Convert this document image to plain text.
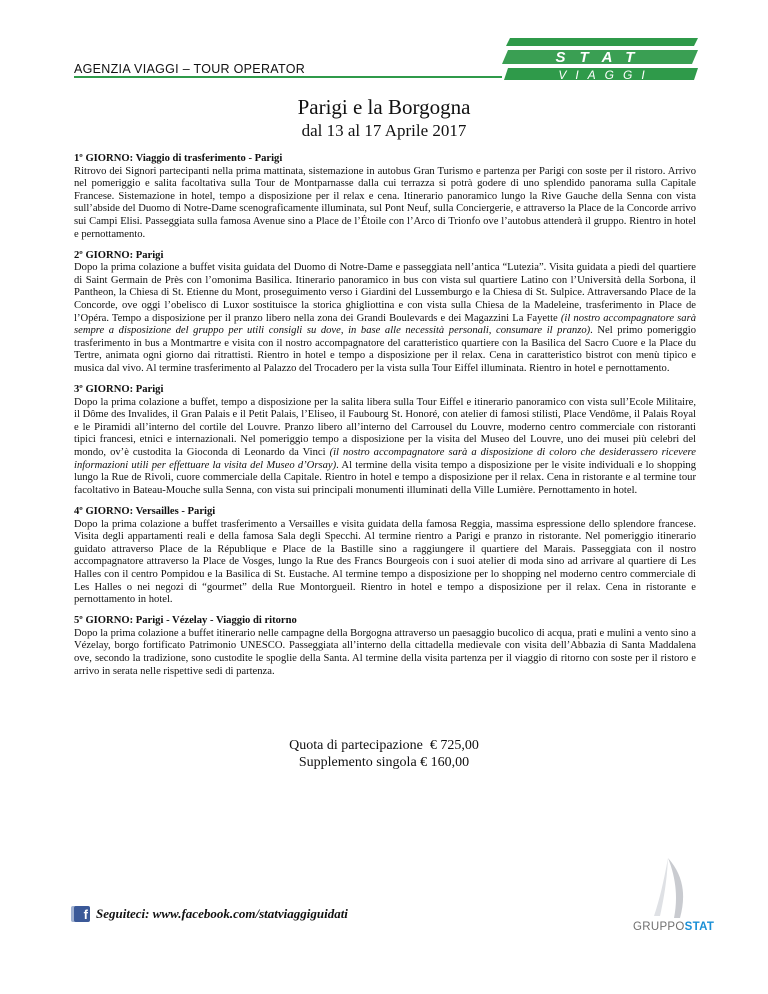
AGENZIA VIAGGI – TOUR OPERATOR
STAT
VIAGGI
Parigi e la Borgogna
dal 13 al 17 Aprile 2017

1º GIORNO: Viaggio di trasferimento - Parigi
Ritrovo dei Signori partecipanti nella prima mattinata, sistemazione in autobus Gran Turismo e partenza per Parigi con soste per il ristoro. Arrivo nel pomeriggio e salita facoltativa sulla Tour de Montparnasse dalla cui terrazza si potrà godere di uno splendido panorama sulla Capitale Francese. Sistemazione in hotel, tempo a disposizione per il relax e cena. Itinerario panoramico lungo la Rive Gauche della Senna con vista sull’abside del Duomo di Notre-Dame scenograficamente illuminata, sul Pont Neuf, sulla Conciergerie, e attraverso la Place de la Concorde arrivo sui Campi Elisi. Passeggiata sulla famosa Avenue sino a Place de l’Étoile con l’Arco di Trionfo ove l’autobus attenderà il gruppo. Rientro in hotel e pernottamento.

2º GIORNO: Parigi
Dopo la prima colazione a buffet visita guidata del Duomo di Notre-Dame e passeggiata nell’antica “Lutezia”. Visita guidata a piedi del quartiere di Saint Germain de Près con l’omonima Basilica. Itinerario panoramico in bus con vista sul quartiere Latino con l’Università della Sorbona, il Pantheon, la Chiesa di St. Etienne du Mont, proseguimento verso i Giardini del Lussemburgo e la Chiesa di St. Sulpice. Attraversando Place de la Concorde, ove oggi l’obelisco di Luxor sostituisce la storica ghigliottina e con vista sulla Chiesa de la Madeleine, trasferimento in Place de l’Opéra. Tempo a disposizione per il pranzo libero nella zona dei Grandi Boulevards e dei Magazzini La Fayette (il nostro accompagnatore sarà sempre a disposizione del gruppo per utili consigli su dove, in base alle necessità personali, consumare il pranzo). Nel primo pomeriggio trasferimento in bus a Montmartre e visita con il nostro accompagnatore del caratteristico quartiere con la Basilica del Sacro Cuore e la Place du Tertre, animata ogni giorno dai ritrattisti. Rientro in hotel e tempo a disposizione per il relax. Cena in caratteristico bistrot con menù tipico e musica dal vivo. Al termine trasferimento al Palazzo del Trocadero per la vista sulla Tour Eiffel illuminata. Rientro in hotel e pernottamento.

3º GIORNO: Parigi
Dopo la prima colazione a buffet, tempo a disposizione per la salita libera sulla Tour Eiffel e itinerario panoramico con vista sull’Ecole Militaire, il Dôme des Invalides, il Gran Palais e il Petit Palais, l’Eliseo, il Faubourg St. Honoré, con atelier di famosi stilisti, Place Vendôme, il Palais Royal e le Piramidi all’interno del cortile del Louvre. Pranzo libero all’interno del Carrousel du Louvre, moderno centro commerciale con ristoranti tipici francesi, etnici e internazionali. Nel pomeriggio tempo a disposizione per la visita del Museo del Louvre, uno dei musei più celebri del mondo, ov’è custodita la Gioconda di Leonardo da Vinci (il nostro accompagnatore sarà a disposizione di coloro che desiderassero ricevere informazioni utili per effettuare la visita del Museo d’Orsay). Al termine della visita tempo a disposizione per le visite individuali e lo shopping lungo la Rue de Rivoli, cuore commerciale della Capitale. Rientro in hotel e tempo a disposizione per il relax. Cena in ristorante e al termine tour facoltativo in Bateau-Mouche sulla Senna, con vista sui principali monumenti illuminati della Ville Lumière. Pernottamento in hotel.

4º GIORNO: Versailles - Parigi
Dopo la prima colazione a buffet trasferimento a Versailles e visita guidata della famosa Reggia, massima espressione dello splendore francese. Visita degli appartamenti reali e della famosa Sala degli Specchi. Al termine rientro a Parigi e pranzo in ristorante. Nel pomeriggio itinerario guidato attraverso Place de la République e Place de la Bastille sino a raggiungere il quartiere del Marais. Passeggiata con il nostro accompagnatore attraverso la Place de Vosges, lungo la Rue des Francs Bourgeois con i suoi atelier di moda sino ad arrivare al quartiere di Les Halles con il centro Pompidou e la Basilica di St. Eustache. Al termine tempo a disposizione per lo shopping nel moderno centro commerciale di Les Halles o nei negozi di “gourmet” della Rue Montorgueil. Rientro in hotel e tempo a disposizione per il relax. Cena in ristorante e pernottamento in hotel.

5º GIORNO: Parigi - Vézelay - Viaggio di ritorno
Dopo la prima colazione a buffet itinerario nelle campagne della Borgogna attraverso un paesaggio bucolico di acqua, prati e mulini a vento sino a Vézelay, borgo fortificato Patrimonio UNESCO. Passeggiata all’interno della cittadella medievale con visita dell’Abbazia di Santa Maddalena ove, secondo la tradizione, sono custodite le spoglie della Santa. Al termine della visita partenza per il viaggio di ritorno con soste per il ristoro e arrivo in serata nelle rispettive sedi di partenza.

Quota di partecipazione  € 725,00
Supplemento singola € 160,00
f Seguiteci: www.facebook.com/statviaggiguidati
GRUPPOSTAT
